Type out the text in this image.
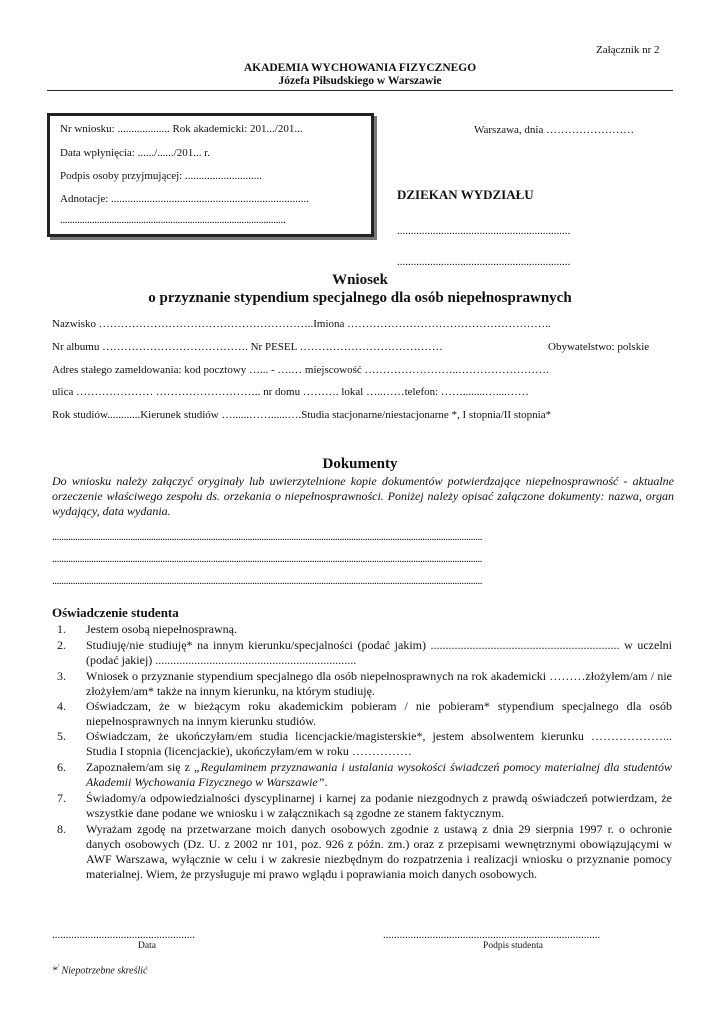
Załącznik nr 2
AKADEMIA WYCHOWANIA FIZYCZNEGO
Józefa Piłsudskiego w Warszawie
Nr wniosku: ................... Rok akademicki: 201.../201...
Data wpłynięcia: ....../....../201... r.
Podpis osoby przyjmującej: ............................
Adnotacje: ........................................................................
............................................................................................
Warszawa, dnia ……………………
DZIEKAN WYDZIAŁU
...............................................................
...............................................................
Wniosek
o przyznanie stypendium specjalnego dla osób niepełnosprawnych
Nazwisko …………………………………………………..Imiona ………………………………………………..
Nr albumu …………………………………. Nr PESEL …………………………………	Obywatelstwo: polskie
Adres stałego zameldowania: kod pocztowy …... - ….… miejscowość ……………………..…………………….
ulica ………………… ……………………….. nr domu ………. lokal …..……telefon: ……........…....……
Rok studiów............Kierunek studiów …......……......….Studia stacjonarne/niestacjonarne *, I stopnia/II stopnia*
Dokumenty
Do wniosku należy załączyć oryginały lub uwierzytelnione kopie dokumentów potwierdzające niepełnosprawność - aktualne orzeczenie właściwego zespołu ds. orzekania o niepełnosprawności. Poniżej należy opisać załączone dokumenty: nazwa, organ wydający, data wydania.
...........................................................................................................................................................................................
...........................................................................................................................................................................................
...........................................................................................................................................................................................
Oświadczenie studenta
1. Jestem osobą niepełnosprawną.
2. Studiuję/nie studiuję* na innym kierunku/specjalności (podać jakim) ............................................................... w uczelni (podać jakiej) ...................................................................
3. Wniosek o przyznanie stypendium specjalnego dla osób niepełnosprawnych na rok akademicki ………złożyłem/am / nie złożyłem/am* także na innym kierunku, na którym studiuję.
4. Oświadczam, że w bieżącym roku akademickim pobieram / nie pobieram* stypendium specjalnego dla osób niepełnosprawnych na innym kierunku studiów.
5. Oświadczam, że ukończyłam/em studia licencjackie/magisterskie*, jestem absolwentem kierunku ………………... Studia I stopnia (licencjackie), ukończyłam/em w roku ……………
6. Zapoznałem/am się z „Regulaminem przyznawania i ustalania wysokości świadczeń pomocy materialnej dla studentów Akademii Wychowania Fizycznego w Warszawie”.
7. Świadomy/a odpowiedzialności dyscyplinarnej i karnej za podanie niezgodnych z prawdą oświadczeń potwierdzam, że wszystkie dane podane we wniosku i w załącznikach są zgodne ze stanem faktycznym.
8. Wyrażam zgodę na przetwarzane moich danych osobowych zgodnie z ustawą z dnia 29 sierpnia 1997 r. o ochronie danych osobowych (Dz. U. z 2002 nr 101, poz. 926 z późn. zm.) oraz z przepisami wewnętrznymi obowiązującymi w AWF Warszawa, wyłącznie w celu i w zakresie niezbędnym do rozpatrzenia i realizacji wniosku o przyznanie pomocy materialnej. Wiem, że przysługuje mi prawo wglądu i poprawiania moich danych osobowych.
....................................................
Data
...............................................................................
Podpis studenta
*/ Niepotrzebne skreślić
